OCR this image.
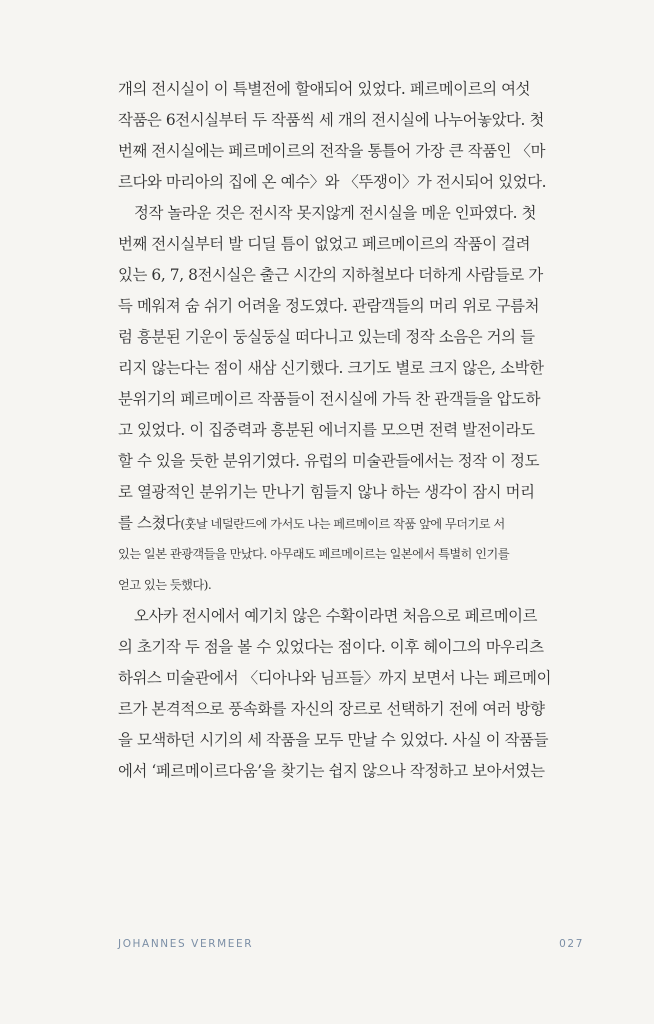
개의 전시실이 이 특별전에 할애되어 있었다. 페르메이르의 여섯
작품은 6전시실부터 두 작품씩 세 개의 전시실에 나누어놓았다. 첫
번째 전시실에는 페르메이르의 전작을 통틀어 가장 큰 작품인 〈마
르다와 마리아의 집에 온 예수〉와 〈뚜쟁이〉가 전시되어 있었다.
정작 놀라운 것은 전시작 못지않게 전시실을 메운 인파였다. 첫
번째 전시실부터 발 디딜 틈이 없었고 페르메이르의 작품이 걸려
있는 6, 7, 8전시실은 출근 시간의 지하철보다 더하게 사람들로 가
득 메워져 숨 쉬기 어려울 정도였다. 관람객들의 머리 위로 구름처
럼 흥분된 기운이 둥실둥실 떠다니고 있는데 정작 소음은 거의 들
리지 않는다는 점이 새삼 신기했다. 크기도 별로 크지 않은, 소박한
분위기의 페르메이르 작품들이 전시실에 가득 찬 관객들을 압도하
고 있었다. 이 집중력과 흥분된 에너지를 모으면 전력 발전이라도
할 수 있을 듯한 분위기였다. 유럽의 미술관들에서는 정작 이 정도
로 열광적인 분위기는 만나기 힘들지 않나 하는 생각이 잠시 머리
를 스쳤다(훗날 네덜란드에 가서도 나는 페르메이르 작품 앞에 무더기로 서
있는 일본 관광객들을 만났다. 아무래도 페르메이르는 일본에서 특별히 인기를
얻고 있는 듯했다).
오사카 전시에서 예기치 않은 수확이라면 처음으로 페르메이르
의 초기작 두 점을 볼 수 있었다는 점이다. 이후 헤이그의 마우리츠
하위스 미술관에서 〈디아나와 님프들〉까지 보면서 나는 페르메이
르가 본격적으로 풍속화를 자신의 장르로 선택하기 전에 여러 방향
을 모색하던 시기의 세 작품을 모두 만날 수 있었다. 사실 이 작품들
에서 ‘페르메이르다움’을 찾기는 쉽지 않으나 작정하고 보아서였는
JOHANNES VERMEER	027
